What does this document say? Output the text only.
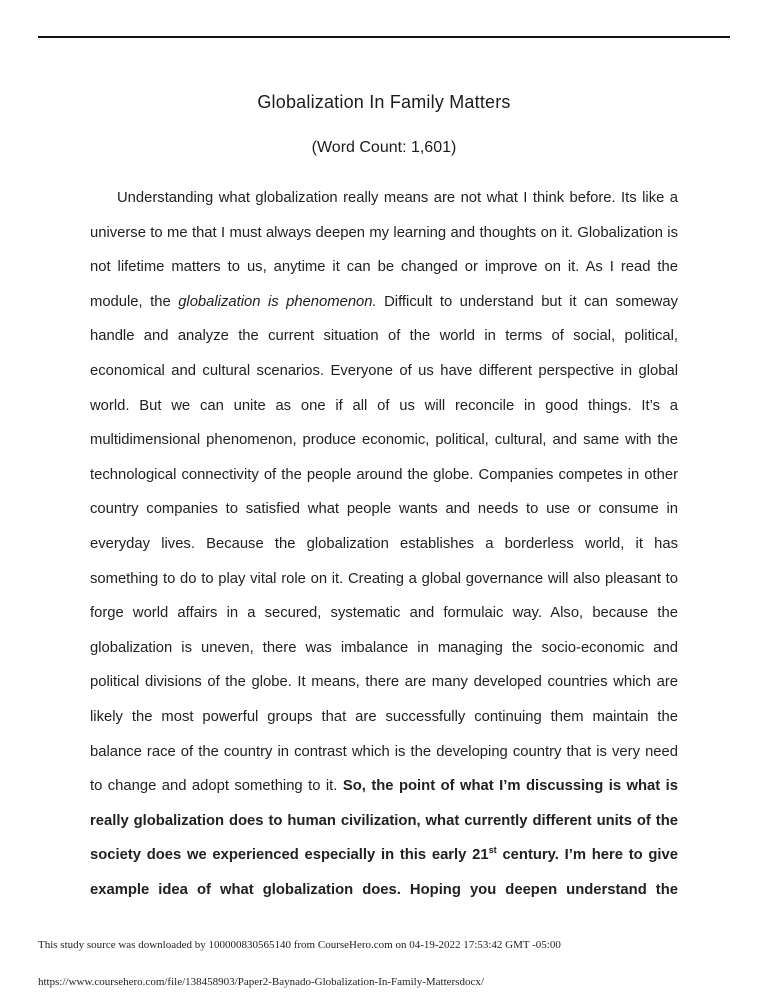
Globalization In Family Matters
(Word Count: 1,601)

Understanding what globalization really means are not what I think before. Its like a universe to me that I must always deepen my learning and thoughts on it. Globalization is not lifetime matters to us, anytime it can be changed or improve on it. As I read the module, the globalization is phenomenon. Difficult to understand but it can someway handle and analyze the current situation of the world in terms of social, political, economical and cultural scenarios. Everyone of us have different perspective in global world. But we can unite as one if all of us will reconcile in good things. It’s a multidimensional phenomenon, produce economic, political, cultural, and same with the technological connectivity of the people around the globe. Companies competes in other country companies to satisfied what people wants and needs to use or consume in everyday lives. Because the globalization establishes a borderless world, it has something to do to play vital role on it. Creating a global governance will also pleasant to forge world affairs in a secured, systematic and formulaic way. Also, because the globalization is uneven, there was imbalance in managing the socio-economic and political divisions of the globe. It means, there are many developed countries which are likely the most powerful groups that are successfully continuing them maintain the balance race of the country in contrast which is the developing country that is very need to change and adopt something to it. So, the point of what I’m discussing is what is really globalization does to human civilization, what currently different units of the society does we experienced especially in this early 21st century. I’m here to give example idea of what globalization does. Hoping you deepen understand the

This study source was downloaded by 100000830565140 from CourseHero.com on 04-19-2022 17:53:42 GMT -05:00
https://www.coursehero.com/file/138458903/Paper2-Baynado-Globalization-In-Family-Mattersdocx/
